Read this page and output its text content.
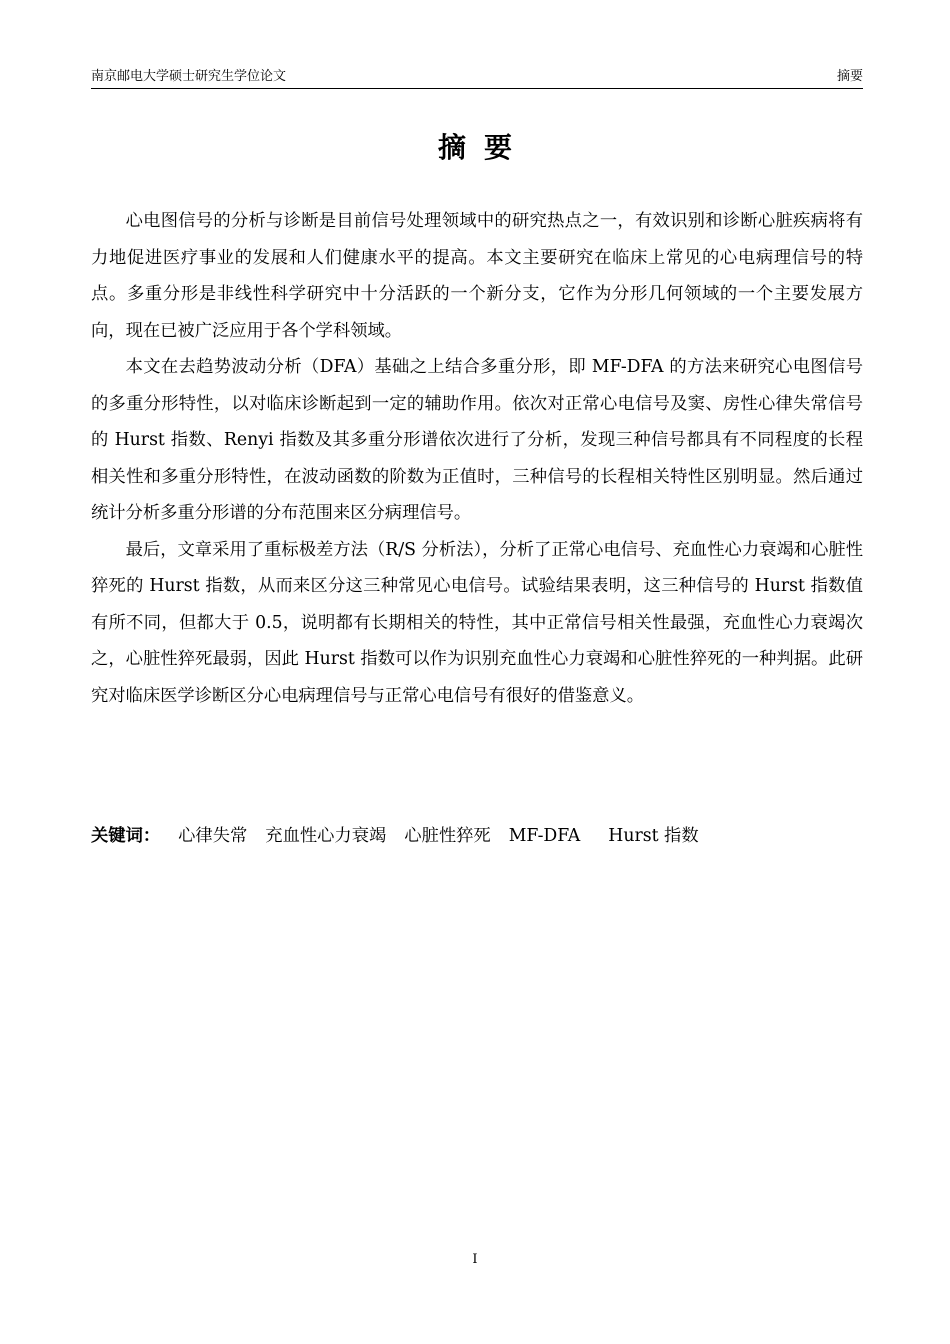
南京邮电大学硕士研究生学位论文	摘要
摘要

心电图信号的分析与诊断是目前信号处理领域中的研究热点之一，有效识别和诊断心脏疾病将有力地促进医疗事业的发展和人们健康水平的提高。本文主要研究在临床上常见的心电病理信号的特点。多重分形是非线性科学研究中十分活跃的一个新分支，它作为分形几何领域的一个主要发展方向，现在已被广泛应用于各个学科领域。

本文在去趋势波动分析（DFA）基础之上结合多重分形，即 MF-DFA 的方法来研究心电图信号的多重分形特性，以对临床诊断起到一定的辅助作用。依次对正常心电信号及窦、房性心律失常信号的 Hurst 指数、Renyi 指数及其多重分形谱依次进行了分析，发现三种信号都具有不同程度的长程相关性和多重分形特性，在波动函数的阶数为正值时，三种信号的长程相关特性区别明显。然后通过统计分析多重分形谱的分布范围来区分病理信号。

最后，文章采用了重标极差方法（R/S 分析法），分析了正常心电信号、充血性心力衰竭和心脏性猝死的 Hurst 指数，从而来区分这三种常见心电信号。试验结果表明，这三种信号的 Hurst 指数值有所不同，但都大于 0.5，说明都有长期相关的特性，其中正常信号相关性最强，充血性心力衰竭次之，心脏性猝死最弱，因此 Hurst 指数可以作为识别充血性心力衰竭和心脏性猝死的一种判据。此研究对临床医学诊断区分心电病理信号与正常心电信号有很好的借鉴意义。

关键词： 心律失常 充血性心力衰竭 心脏性猝死 MF-DFA Hurst 指数
I
